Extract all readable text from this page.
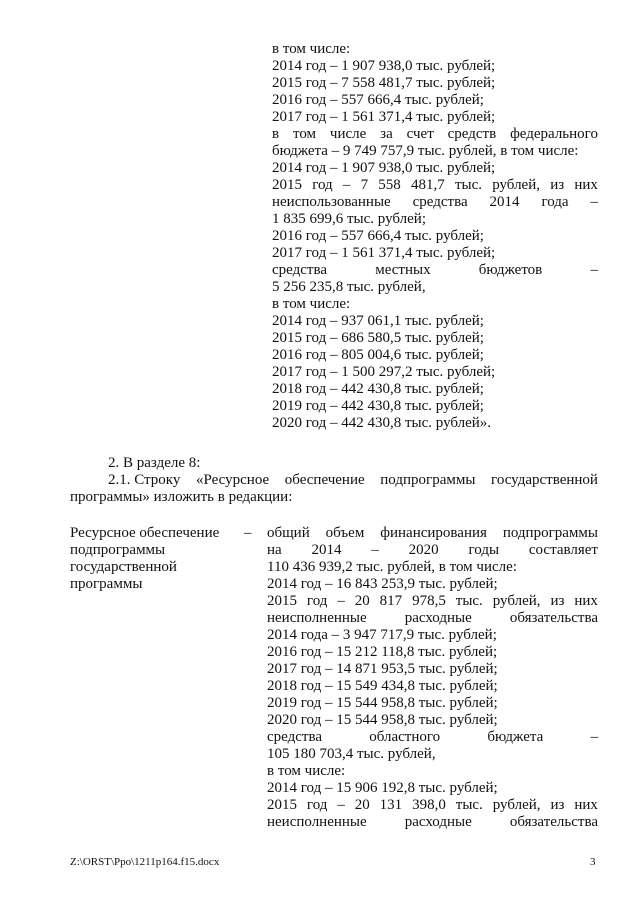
в том числе:
2014 год – 1 907 938,0 тыс. рублей;
2015 год – 7 558 481,7 тыс. рублей;
2016 год – 557 666,4 тыс. рублей;
2017 год – 1 561 371,4 тыс. рублей;
в том числе за счет средств федерального
бюджета – 9 749 757,9 тыс. рублей, в том числе:
2014 год – 1 907 938,0 тыс. рублей;
2015 год – 7 558 481,7 тыс. рублей, из них
неиспользованные средства 2014 года –
1 835 699,6 тыс. рублей;
2016 год – 557 666,4 тыс. рублей;
2017 год – 1 561 371,4 тыс. рублей;
средства	местных	бюджетов	–
5 256 235,8 тыс. рублей,
в том числе:
2014 год – 937 061,1 тыс. рублей;
2015 год – 686 580,5 тыс. рублей;
2016 год – 805 004,6 тыс. рублей;
2017 год – 1 500 297,2 тыс. рублей;
2018 год – 442 430,8 тыс. рублей;
2019 год – 442 430,8 тыс. рублей;
2020 год – 442 430,8 тыс. рублей».
2. В разделе 8:
2.1. Строку «Ресурсное обеспечение подпрограммы государственной
программы» изложить в редакции:
Ресурсное обеспечение
подпрограммы
государственной
программы
– общий объем финансирования подпрограммы
на 2014 – 2020 годы составляет
110 436 939,2 тыс. рублей, в том числе:
2014 год – 16 843 253,9 тыс. рублей;
2015 год – 20 817 978,5 тыс. рублей, из них
неисполненные	расходные	обязательства
2014 года – 3 947 717,9 тыс. рублей;
2016 год – 15 212 118,8 тыс. рублей;
2017 год – 14 871 953,5 тыс. рублей;
2018 год – 15 549 434,8 тыс. рублей;
2019 год – 15 544 958,8 тыс. рублей;
2020 год – 15 544 958,8 тыс. рублей;
средства	областного	бюджета	–
105 180 703,4 тыс. рублей,
в том числе:
2014 год – 15 906 192,8 тыс. рублей;
2015 год – 20 131 398,0 тыс. рублей, из них
неисполненные	расходные	обязательства
Z:\ORST\Ppo\1211p164.f15.docx	3
